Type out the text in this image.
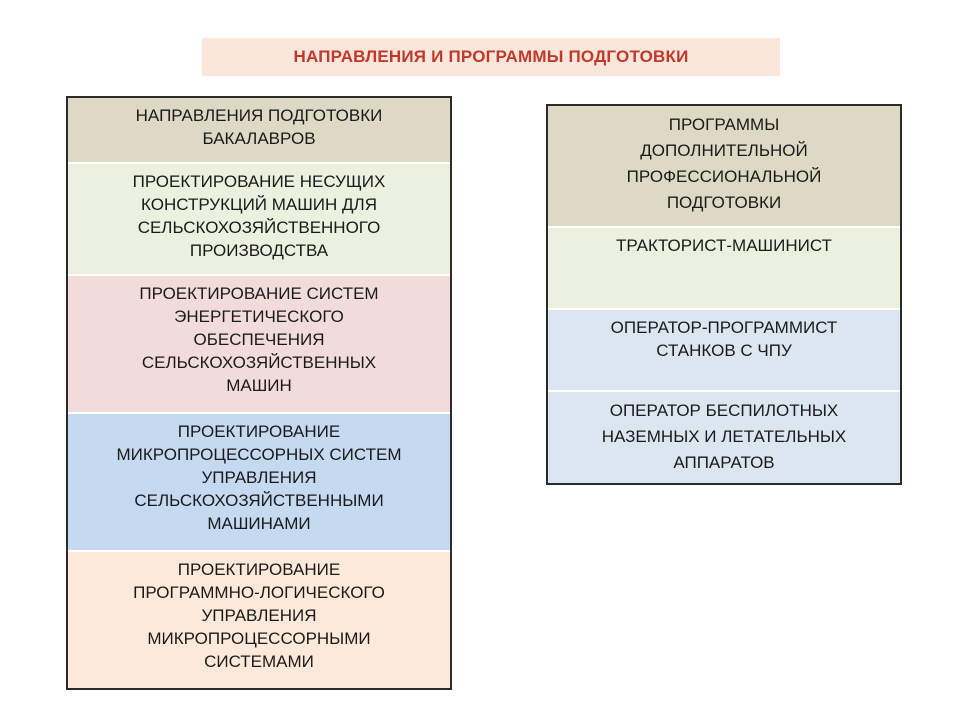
НАПРАВЛЕНИЯ И ПРОГРАММЫ ПОДГОТОВКИ
НАПРАВЛЕНИЯ ПОДГОТОВКИ
БАКАЛАВРОВ
ПРОЕКТИРОВАНИЕ НЕСУЩИХ
КОНСТРУКЦИЙ МАШИН ДЛЯ
СЕЛЬСКОХОЗЯЙСТВЕННОГО
ПРОИЗВОДСТВА
ПРОЕКТИРОВАНИЕ СИСТЕМ
ЭНЕРГЕТИЧЕСКОГО
ОБЕСПЕЧЕНИЯ
СЕЛЬСКОХОЗЯЙСТВЕННЫХ
МАШИН
ПРОЕКТИРОВАНИЕ
МИКРОПРОЦЕССОРНЫХ СИСТЕМ
УПРАВЛЕНИЯ
СЕЛЬСКОХОЗЯЙСТВЕННЫМИ
МАШИНАМИ
ПРОЕКТИРОВАНИЕ
ПРОГРАММНО-ЛОГИЧЕСКОГО
УПРАВЛЕНИЯ
МИКРОПРОЦЕССОРНЫМИ
СИСТЕМАМИ
ПРОГРАММЫ
ДОПОЛНИТЕЛЬНОЙ
ПРОФЕССИОНАЛЬНОЙ
ПОДГОТОВКИ
ТРАКТОРИСТ-МАШИНИСТ
ОПЕРАТОР-ПРОГРАММИСТ
СТАНКОВ С ЧПУ
ОПЕРАТОР БЕСПИЛОТНЫХ
НАЗЕМНЫХ И ЛЕТАТЕЛЬНЫХ
АППАРАТОВ
